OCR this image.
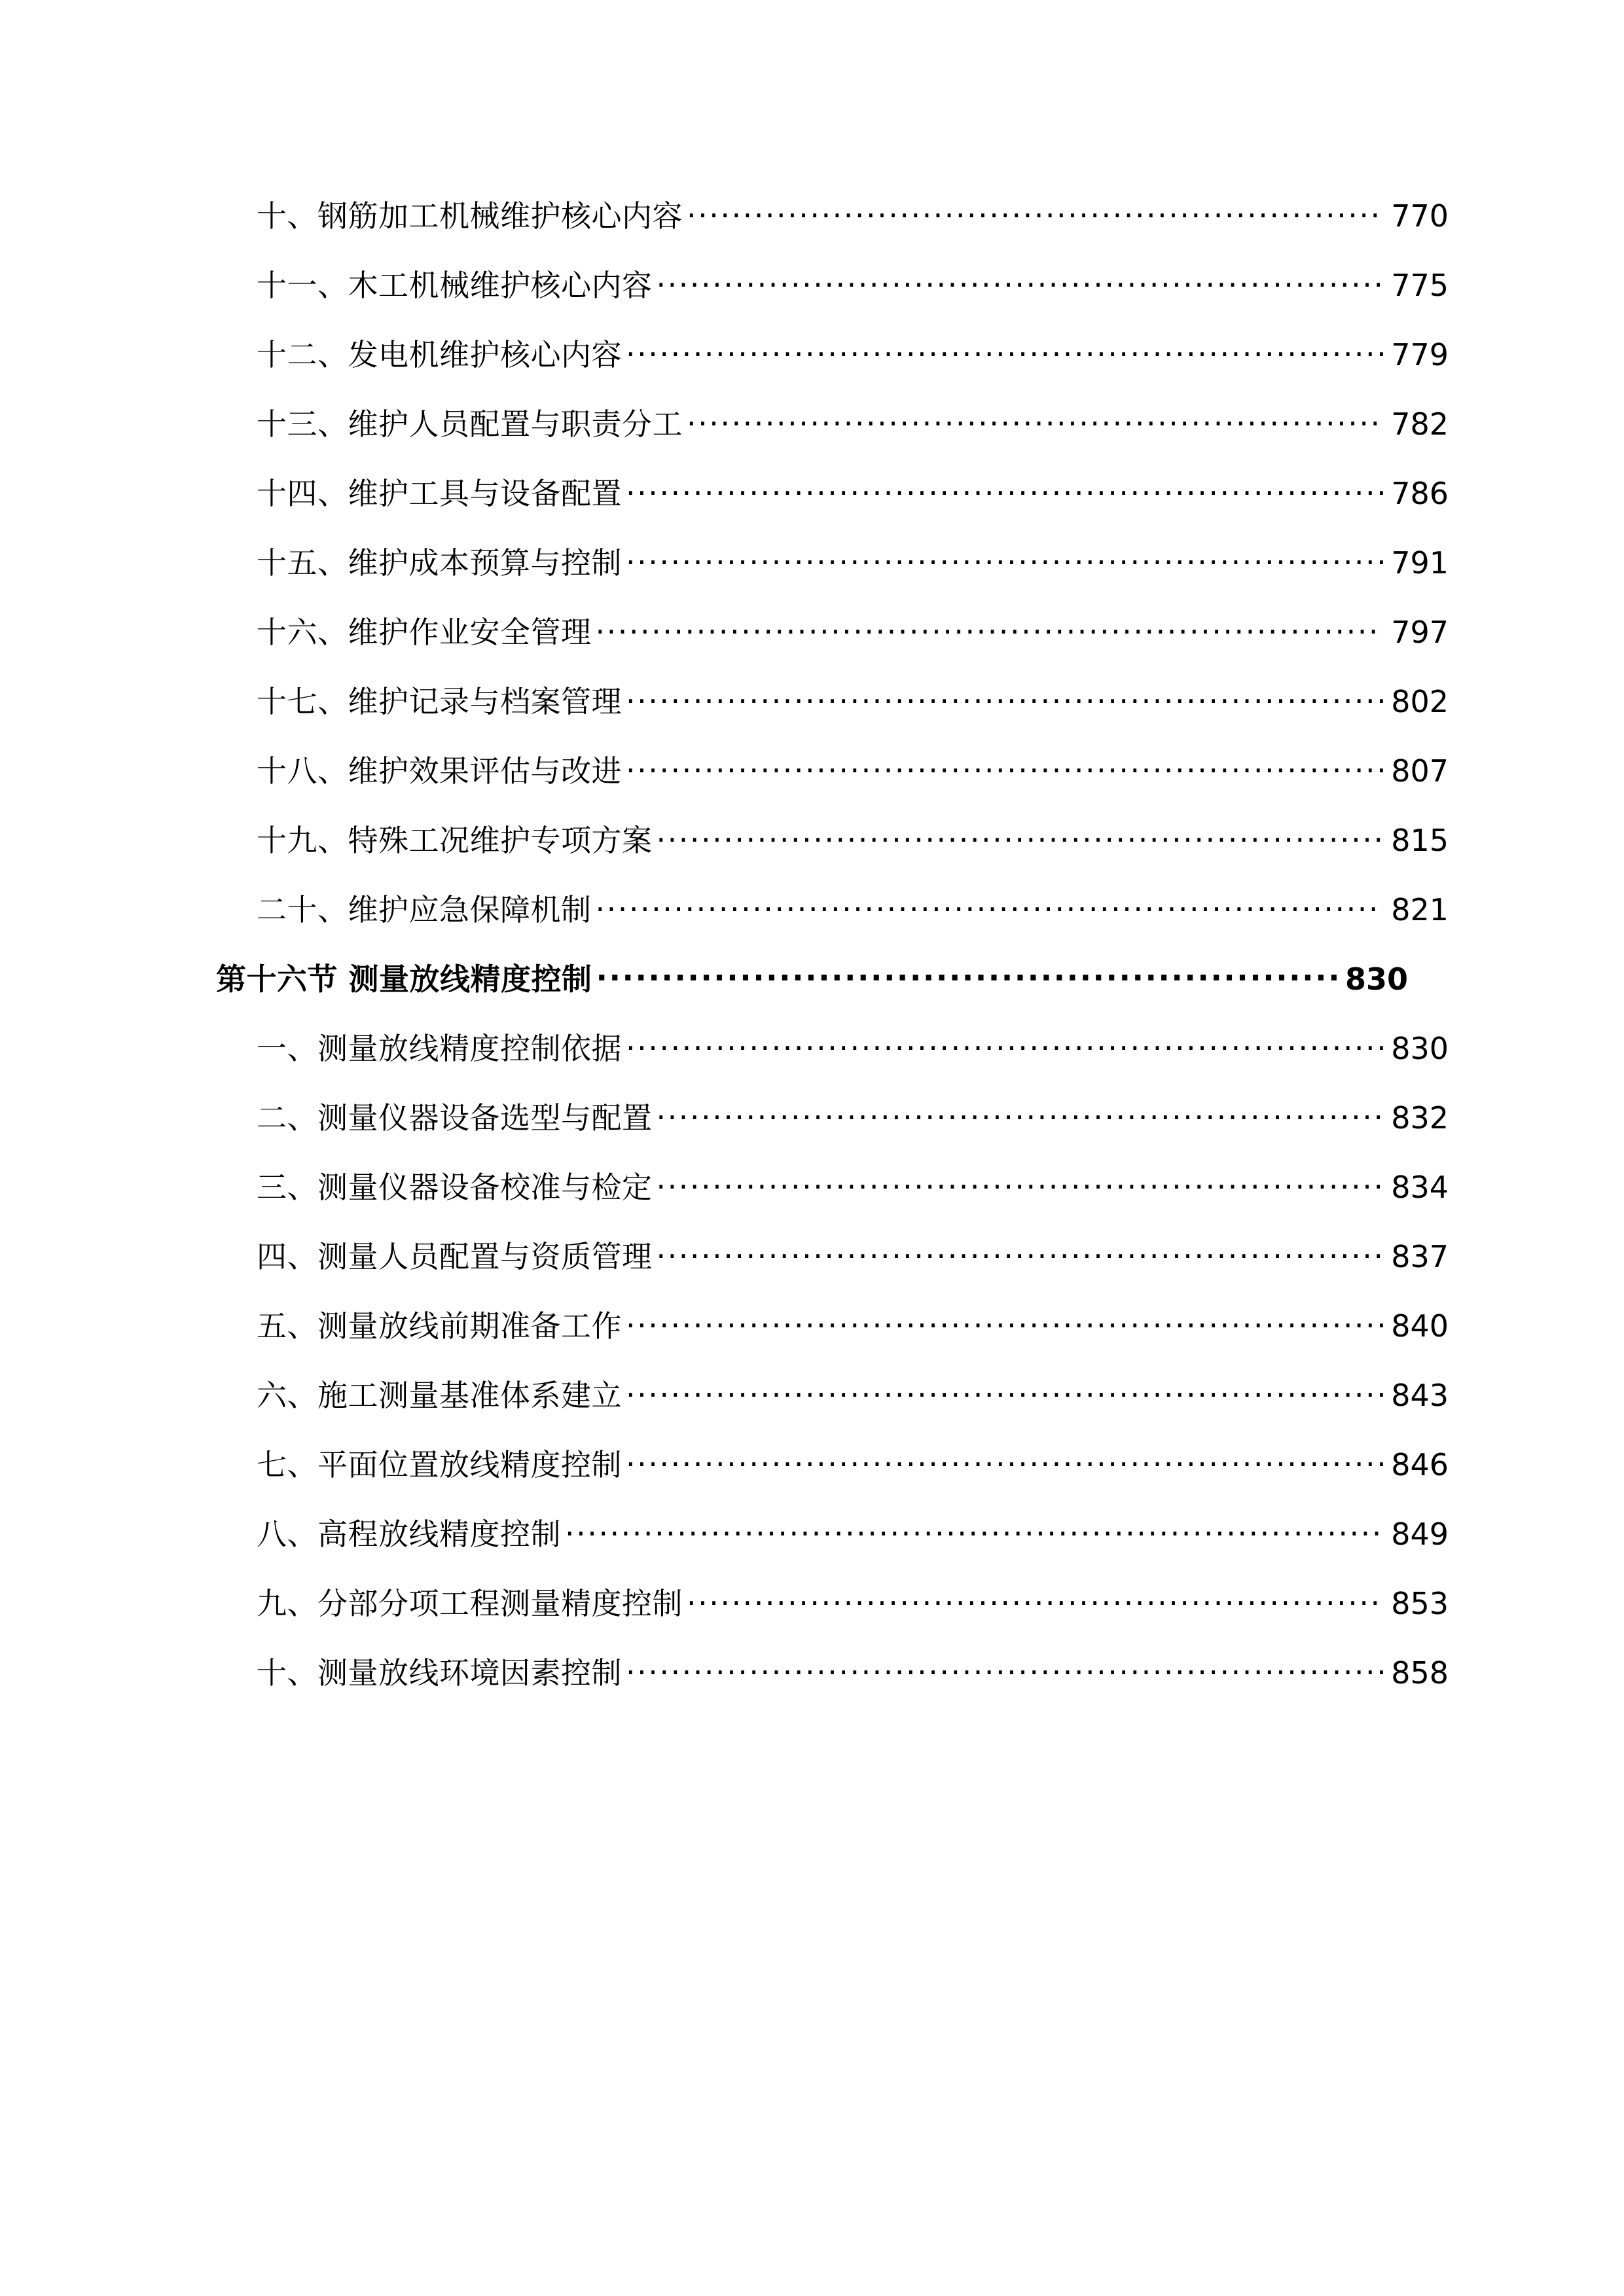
十、钢筋加工机械维护核心内容 .....	770
十一、木工机械维护核心内容 .....	775
十二、发电机维护核心内容 .....	779
十三、维护人员配置与职责分工 .....	782
十四、维护工具与设备配置 .....	786
十五、维护成本预算与控制 .....	791
十六、维护作业安全管理 .....	797
十七、维护记录与档案管理 .....	802
十八、维护效果评估与改进 .....	807
十九、特殊工况维护专项方案 .....	815
二十、维护应急保障机制 .....	821
第十六节 测量放线精度控制 .....	830
一、测量放线精度控制依据 .....	830
二、测量仪器设备选型与配置 .....	832
三、测量仪器设备校准与检定 .....	834
四、测量人员配置与资质管理 .....	837
五、测量放线前期准备工作 .....	840
六、施工测量基准体系建立 .....	843
七、平面位置放线精度控制 .....	846
八、高程放线精度控制 .....	849
九、分部分项工程测量精度控制 .....	853
十、测量放线环境因素控制 .....	858
